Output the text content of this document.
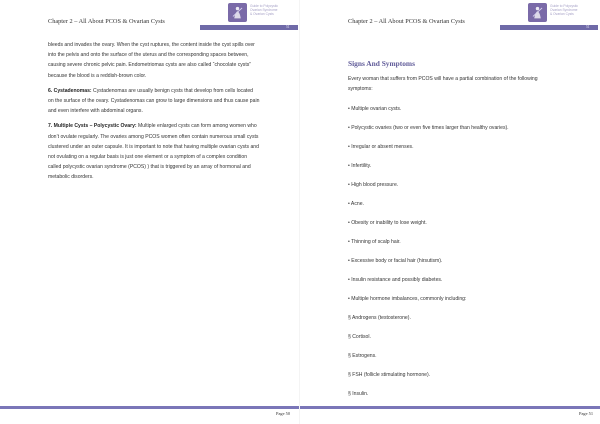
Chapter 2 – All About PCOS & Ovarian Cysts
Guide to Polycystic
Ovarian Syndrome
& Ovarian Cysts
51

bleeds and invades the ovary. When the cyst ruptures, the content inside the cyst spills over into the pelvis and onto the surface of the uterus and the corresponding spaces between, causing severe chronic pelvic pain. Endometriomas cysts are also called “chocolate cysts” because the blood is a reddish-brown color.

6. Cystadenomas: Cystadenomas are usually benign cysts that develop from cells located on the surface of the ovary. Cystadenomas can grow to large dimensions and thus cause pain and even interfere with abdominal organs.

7. Multiple Cysts – Polycystic Ovary: Multiple enlarged cysts can form among women who don’t ovulate regularly. The ovaries among PCOS women often contain numerous small cysts clustered under an outer capsule. It is important to note that having multiple ovarian cysts and not ovulating on a regular basis is just one element or a symptom of a complex condition called polycystic ovarian syndrome (PCOS) ) that is triggered by an array of hormonal and metabolic disorders.

Page 50
Chapter 2 – All About PCOS & Ovarian Cysts
Guide to Polycystic
Ovarian Syndrome
& Ovarian Cysts
51
Signs And Symptoms
Every woman that suffers from PCOS will have a partial combination of the following symptoms:
• Multiple ovarian cysts.
• Polycystic ovaries (two or even five times larger than healthy ovaries).
• Irregular or absent menses.
• Infertility.
• High blood pressure.
• Acne.
• Obesity or inability to lose weight.
• Thinning of scalp hair.
• Excessive body or facial hair (hirsutism).
• Insulin resistance and possibly diabetes.
• Multiple hormone imbalances, commonly including:
§ Androgens (testosterone).
§ Cortisol.
§ Estrogens.
§ FSH (follicle stimulating hormone).
§ Insulin.
Page 51
